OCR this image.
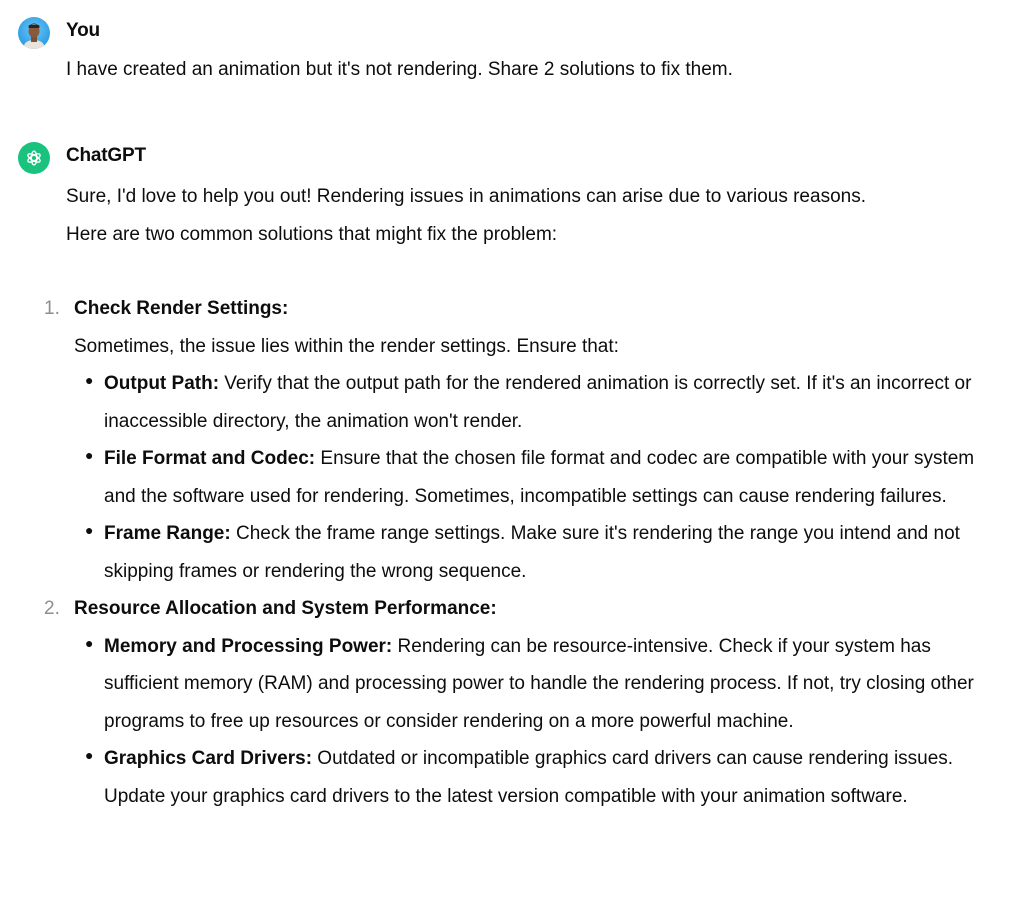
You

I have created an animation but it's not rendering. Share 2 solutions to fix them.

ChatGPT

Sure, I'd love to help you out! Rendering issues in animations can arise due to various reasons.

Here are two common solutions that might fix the problem:

1. Check Render Settings:
Sometimes, the issue lies within the render settings. Ensure that:
● Output Path: Verify that the output path for the rendered animation is correctly set. If it's an incorrect or inaccessible directory, the animation won't render.
● File Format and Codec: Ensure that the chosen file format and codec are compatible with your system and the software used for rendering. Sometimes, incompatible settings can cause rendering failures.
● Frame Range: Check the frame range settings. Make sure it's rendering the range you intend and not skipping frames or rendering the wrong sequence.
2. Resource Allocation and System Performance:
● Memory and Processing Power: Rendering can be resource-intensive. Check if your system has sufficient memory (RAM) and processing power to handle the rendering process. If not, try closing other programs to free up resources or consider rendering on a more powerful machine.
● Graphics Card Drivers: Outdated or incompatible graphics card drivers can cause rendering issues. Update your graphics card drivers to the latest version compatible with your animation software.
